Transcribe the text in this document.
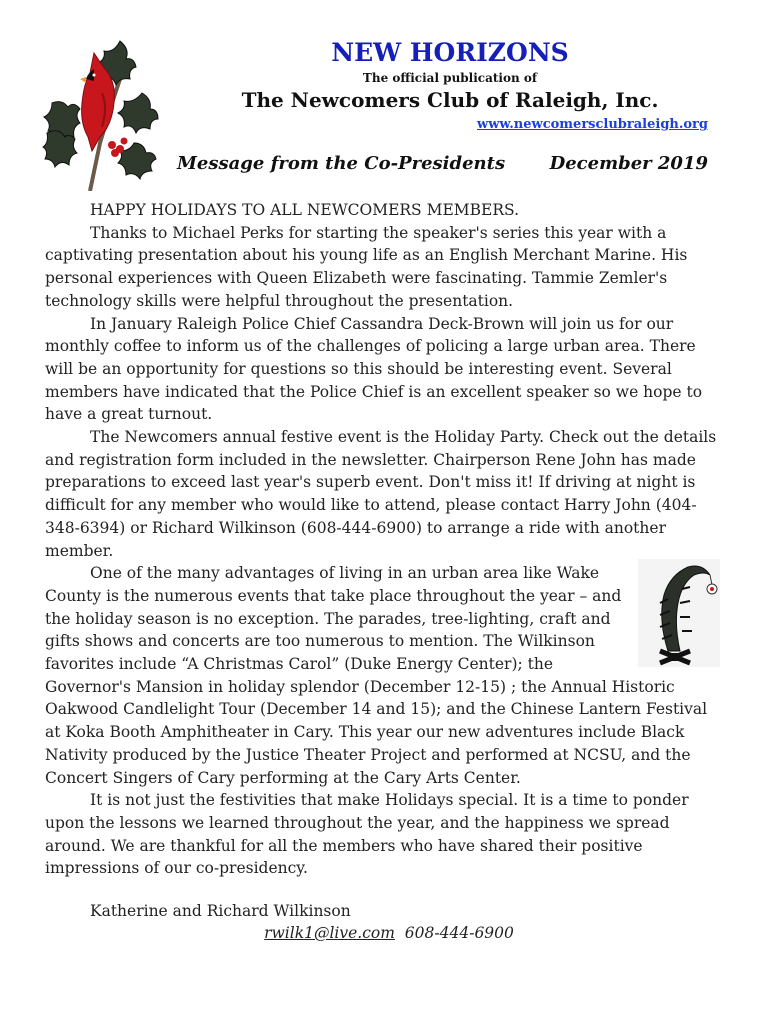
NEW HORIZONS

The official publication of

The Newcomers Club of Raleigh, Inc.

www.newcomersclubraleigh.org
Message from the Co-Presidents December 2019

HAPPY HOLIDAYS TO ALL NEWCOMERS MEMBERS.

Thanks to Michael Perks for starting the speaker's series this year with a captivating presentation about his young life as an English Merchant Marine. His personal experiences with Queen Elizabeth were fascinating. Tammie Zemler's technology skills were helpful throughout the presentation.

In January Raleigh Police Chief Cassandra Deck-Brown will join us for our monthly coffee to inform us of the challenges of policing a large urban area. There will be an opportunity for questions so this should be interesting event. Several members have indicated that the Police Chief is an excellent speaker so we hope to have a great turnout.

The Newcomers annual festive event is the Holiday Party. Check out the details and registration form included in the newsletter. Chairperson Rene John has made preparations to exceed last year's superb event. Don't miss it! If driving at night is difficult for any member who would like to attend, please contact Harry John (404-348-6394) or Richard Wilkinson (608-444-6900) to arrange a ride with another member.

One of the many advantages of living in an urban area like Wake County is the numerous events that take place throughout the year – and the holiday season is no exception. The parades, tree-lighting, craft and gifts shows and concerts are too numerous to mention. The Wilkinson favorites include “A Christmas Carol” (Duke Energy Center); the Governor's Mansion in holiday splendor (December 12-15) ; the Annual Historic Oakwood Candlelight Tour (December 14 and 15); and the Chinese Lantern Festival at Koka Booth Amphitheater in Cary. This year our new adventures include Black Nativity produced by the Justice Theater Project and performed at NCSU, and the Concert Singers of Cary performing at the Cary Arts Center.

It is not just the festivities that make Holidays special. It is a time to ponder upon the lessons we learned throughout the year, and the happiness we spread around. We are thankful for all the members who have shared their positive impressions of our co-presidency.

Katherine and Richard Wilkinson
rwilk1@live.com 608-444-6900
